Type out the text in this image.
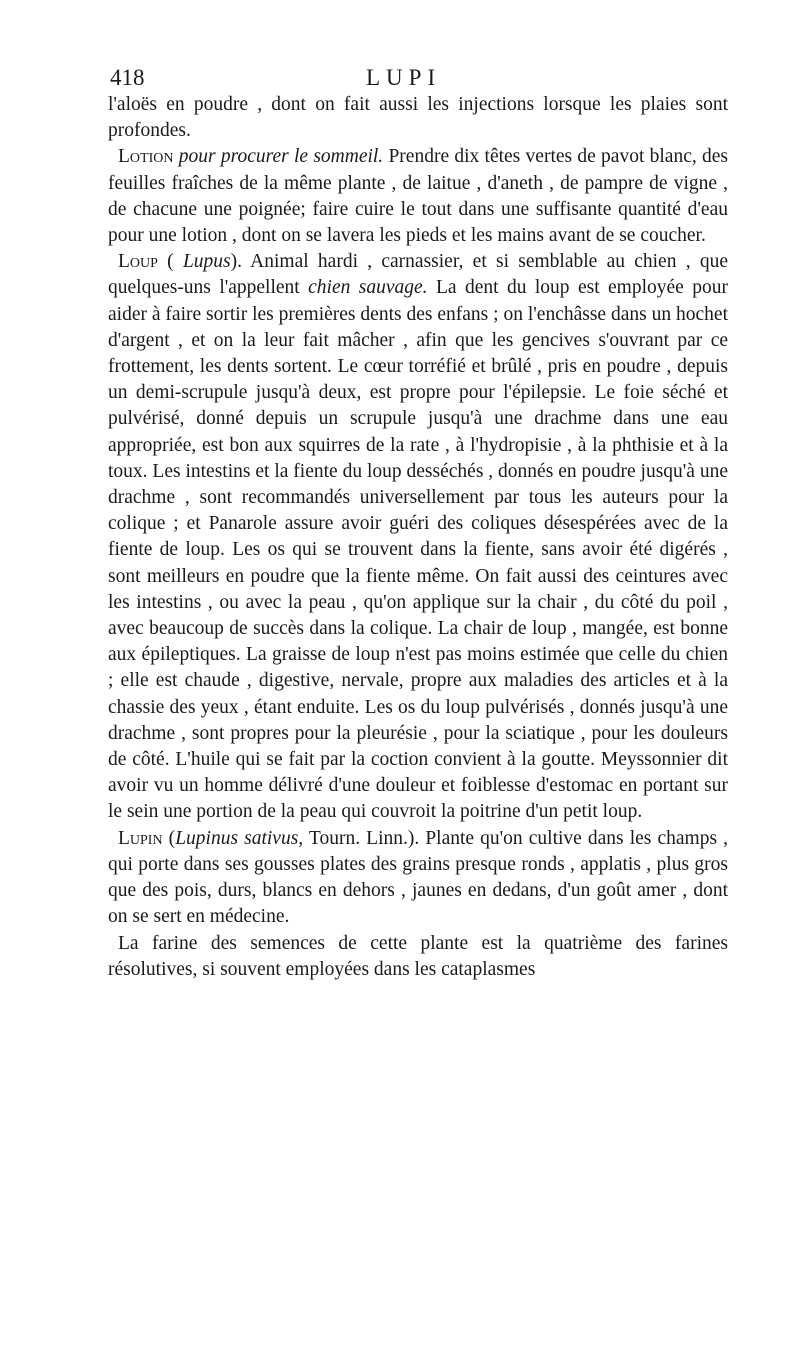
418	LUPI

l'aloës en poudre , dont on fait aussi les injections lorsque les plaies sont profondes.

Lotion pour procurer le sommeil. Prendre dix têtes vertes de pavot blanc, des feuilles fraîches de la même plante , de laitue , d'aneth , de pampre de vigne , de chacune une poignée; faire cuire le tout dans une suffisante quantité d'eau pour une lotion , dont on se lavera les pieds et les mains avant de se coucher.

Loup ( Lupus). Animal hardi , carnassier, et si semblable au chien , que quelques-uns l'appellent chien sauvage. La dent du loup est employée pour aider à faire sortir les premières dents des enfans ; on l'enchâsse dans un hochet d'argent , et on la leur fait mâcher , afin que les gencives s'ouvrant par ce frottement, les dents sortent. Le cœur torréfié et brûlé , pris en poudre , depuis un demi-scrupule jusqu'à deux, est propre pour l'épilepsie. Le foie séché et pulvérisé, donné depuis un scrupule jusqu'à une drachme dans une eau appropriée, est bon aux squirres de la rate , à l'hydropisie , à la phthisie et à la toux. Les intestins et la fiente du loup desséchés , donnés en poudre jusqu'à une drachme , sont recommandés universellement par tous les auteurs pour la colique ; et Panarole assure avoir guéri des coliques désespérées avec de la fiente de loup. Les os qui se trouvent dans la fiente, sans avoir été digérés , sont meilleurs en poudre que la fiente même. On fait aussi des ceintures avec les intestins , ou avec la peau , qu'on applique sur la chair , du côté du poil , avec beaucoup de succès dans la colique. La chair de loup , mangée, est bonne aux épileptiques. La graisse de loup n'est pas moins estimée que celle du chien ; elle est chaude , digestive, nervale, propre aux maladies des articles et à la chassie des yeux , étant enduite. Les os du loup pulvérisés , donnés jusqu'à une drachme , sont propres pour la pleurésie , pour la sciatique , pour les douleurs de côté. L'huile qui se fait par la coction convient à la goutte. Meyssonnier dit avoir vu un homme délivré d'une douleur et foiblesse d'estomac en portant sur le sein une portion de la peau qui couvroit la poitrine d'un petit loup.

Lupin (Lupinus sativus, Tourn. Linn.). Plante qu'on cultive dans les champs , qui porte dans ses gousses plates des grains presque ronds , applatis , plus gros que des pois, durs, blancs en dehors , jaunes en dedans, d'un goût amer , dont on se sert en médecine.

La farine des semences de cette plante est la quatrième des farines résolutives, si souvent employées dans les cataplasmes
